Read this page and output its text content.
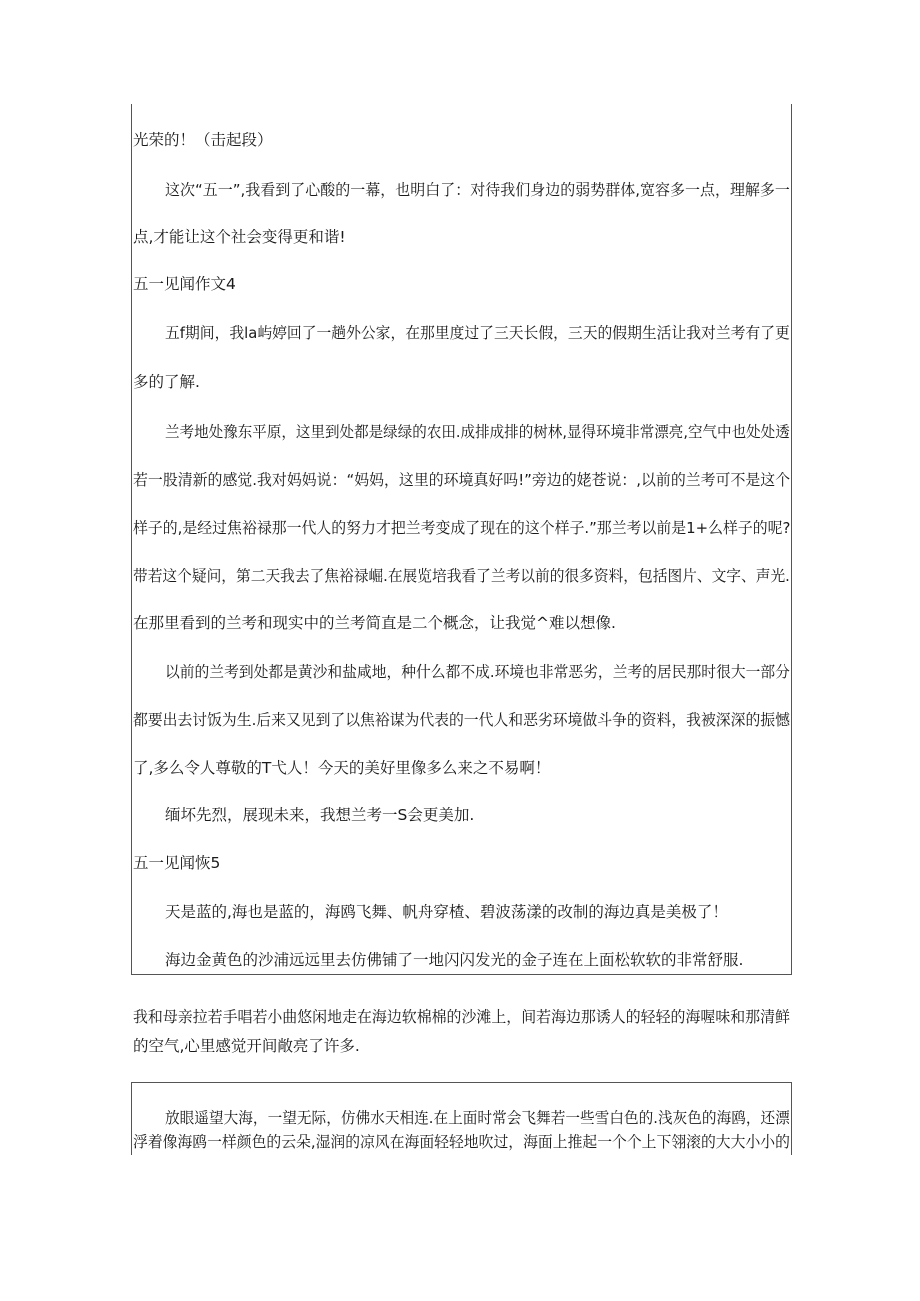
光荣的！（击起段）
这次“五一”,我看到了心酸的一幕，也明白了：对待我们身边的弱势群体,宽容多一点，理解多一
点,才能让这个社会变得更和谐!
五一见闻作文4
五f期间，我la屿婷回了一趟外公家，在那里度过了三天长假，三天的假期生活让我对兰考有了更
多的了解.
兰考地处豫东平原，这里到处都是绿绿的农田.成排成排的树林,显得环境非常漂亮,空气中也处处透
若一股清新的感觉.我对妈妈说：“妈妈，这里的环境真好吗!”旁边的姥苍说：,以前的兰考可不是这个
样子的,是经过焦裕禄那一代人的努力才把兰考变成了现在的这个样子.”那兰考以前是1+么样子的呢?
带若这个疑问，第二天我去了焦裕禄崛.在展览培我看了兰考以前的很多资料，包括图片、文字、声光.
在那里看到的兰考和现实中的兰考简直是二个概念，让我觉^难以想像.
以前的兰考到处都是黄沙和盐咸地，种什么都不成.环境也非常恶劣，兰考的居民那时很大一部分
都要出去讨饭为生.后来又见到了以焦裕谋为代表的一代人和恶劣环境做斗争的资料，我被深深的振憾
了,多么令人尊敬的T弋人！今天的美好里像多么来之不易啊！
缅坏先烈，展现未来，我想兰考一S会更美加.
五一见闻恢5
天是蓝的,海也是蓝的，海鸥飞舞、帆舟穿楂、碧波荡漾的改制的海边真是美极了！
海边金黄色的沙浦远远里去仿佛铺了一地闪闪发光的金子连在上面松软软的非常舒服.
我和母亲拉若手唱若小曲悠闲地走在海边软棉棉的沙滩上，间若海边那诱人的轻轻的海喔味和那清鲜
的空气,心里感觉开间敞亮了许多.
放眼遥望大海，一望无际，仿佛水天相连.在上面时常会飞舞若一些雪白色的.浅灰色的海鸥，还漂
浮着像海鸥一样颜色的云朵,湿润的凉风在海面轻轻地吹过，海面上推起一个个上下翎滚的大大小小的
